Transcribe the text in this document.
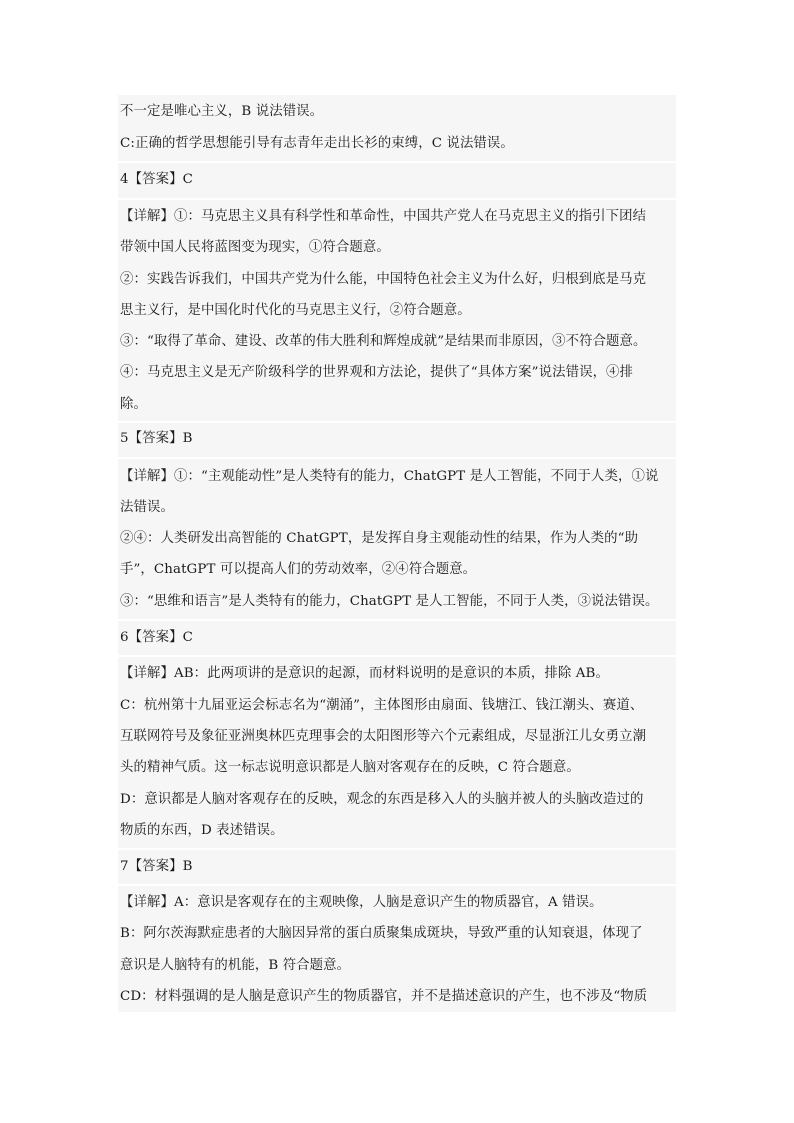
不一定是唯心主义，B 说法错误。
C:正确的哲学思想能引导有志青年走出长衫的束缚，C 说法错误。
4【答案】C
【详解】①：马克思主义具有科学性和革命性，中国共产党人在马克思主义的指引下团结
带领中国人民将蓝图变为现实，①符合题意。
②：实践告诉我们，中国共产党为什么能，中国特色社会主义为什么好，归根到底是马克
思主义行，是中国化时代化的马克思主义行，②符合题意。
③：“取得了革命、建设、改革的伟大胜利和辉煌成就”是结果而非原因，③不符合题意。
④：马克思主义是无产阶级科学的世界观和方法论，提供了“具体方案”说法错误，④排
除。
5【答案】B
【详解】①：“主观能动性”是人类特有的能力，ChatGPT 是人工智能，不同于人类，①说
法错误。
②④：人类研发出高智能的 ChatGPT，是发挥自身主观能动性的结果，作为人类的“助
手”，ChatGPT 可以提高人们的劳动效率，②④符合题意。
③：“思维和语言”是人类特有的能力，ChatGPT 是人工智能，不同于人类，③说法错误。
6【答案】C
【详解】AB：此两项讲的是意识的起源，而材料说明的是意识的本质，排除 AB。
C：杭州第十九届亚运会标志名为“潮涌”，主体图形由扇面、钱塘江、钱江潮头、赛道、
互联网符号及象征亚洲奥林匹克理事会的太阳图形等六个元素组成，尽显浙江儿女勇立潮
头的精神气质。这一标志说明意识都是人脑对客观存在的反映，C 符合题意。
D：意识都是人脑对客观存在的反映，观念的东西是移入人的头脑并被人的头脑改造过的
物质的东西，D 表述错误。
7【答案】B
【详解】A：意识是客观存在的主观映像，人脑是意识产生的物质器官，A 错误。
B：阿尔茨海默症患者的大脑因异常的蛋白质聚集成斑块，导致严重的认知衰退，体现了
意识是人脑特有的机能，B 符合题意。
CD：材料强调的是人脑是意识产生的物质器官，并不是描述意识的产生，也不涉及“物质
